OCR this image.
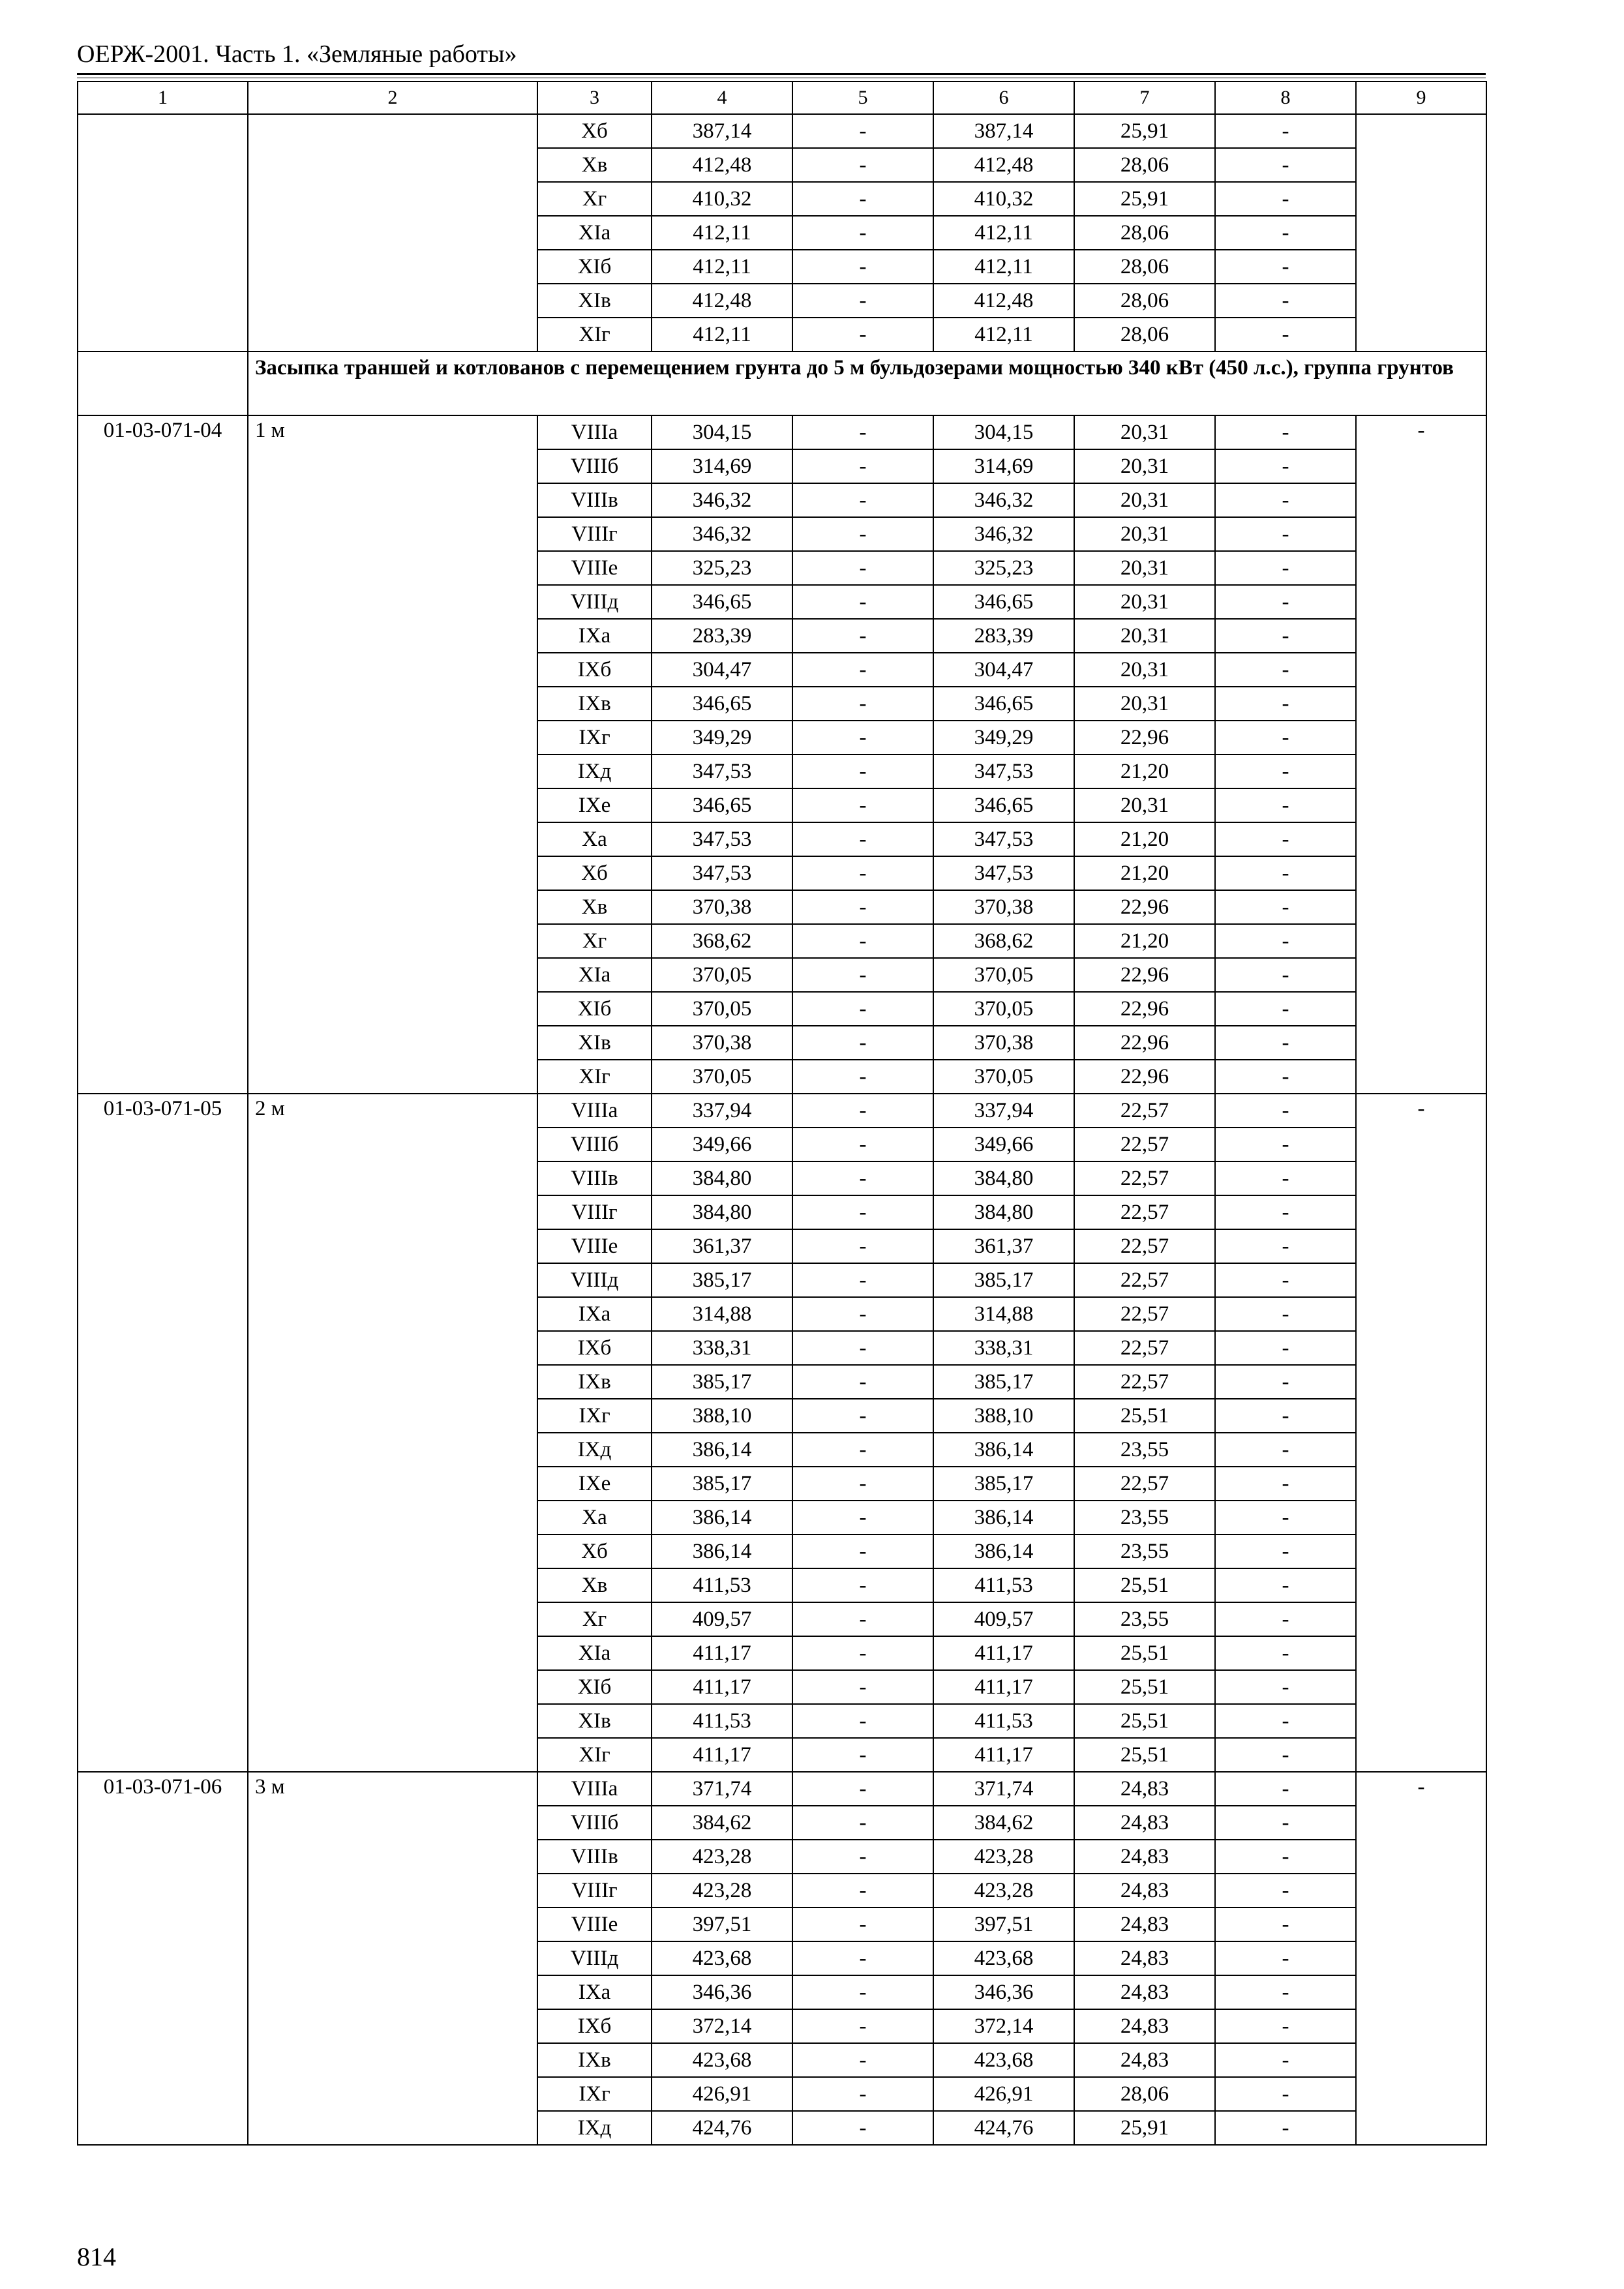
ОЕРЖ-2001. Часть 1. «Земляные работы»
1	2	3	4	5	6	7	8	9
		Xб	387,14	-	387,14	25,91	-	
		Xв	412,48	-	412,48	28,06	-	
		Xг	410,32	-	410,32	25,91	-	
		XIа	412,11	-	412,11	28,06	-	
		XIб	412,11	-	412,11	28,06	-	
		XIв	412,48	-	412,48	28,06	-	
		XIг	412,11	-	412,11	28,06	-	
	Засыпка траншей и котлованов с перемещением грунта до 5 м бульдозерами мощностью 340 кВт (450 л.с.), группа грунтов							
01-03-071-04	1 м	VIIIа	304,15	-	304,15	20,31	-	-
		VIIIб	314,69	-	314,69	20,31	-	
		VIIIв	346,32	-	346,32	20,31	-	
		VIIIг	346,32	-	346,32	20,31	-	
		VIIIе	325,23	-	325,23	20,31	-	
		VIIIд	346,65	-	346,65	20,31	-	
		IXа	283,39	-	283,39	20,31	-	
		IXб	304,47	-	304,47	20,31	-	
		IXв	346,65	-	346,65	20,31	-	
		IXг	349,29	-	349,29	22,96	-	
		IXд	347,53	-	347,53	21,20	-	
		IXе	346,65	-	346,65	20,31	-	
		Xа	347,53	-	347,53	21,20	-	
		Xб	347,53	-	347,53	21,20	-	
		Xв	370,38	-	370,38	22,96	-	
		Xг	368,62	-	368,62	21,20	-	
		XIа	370,05	-	370,05	22,96	-	
		XIб	370,05	-	370,05	22,96	-	
		XIв	370,38	-	370,38	22,96	-	
		XIг	370,05	-	370,05	22,96	-	
01-03-071-05	2 м	VIIIа	337,94	-	337,94	22,57	-	-
		VIIIб	349,66	-	349,66	22,57	-	
		VIIIв	384,80	-	384,80	22,57	-	
		VIIIг	384,80	-	384,80	22,57	-	
		VIIIе	361,37	-	361,37	22,57	-	
		VIIIд	385,17	-	385,17	22,57	-	
		IXа	314,88	-	314,88	22,57	-	
		IXб	338,31	-	338,31	22,57	-	
		IXв	385,17	-	385,17	22,57	-	
		IXг	388,10	-	388,10	25,51	-	
		IXд	386,14	-	386,14	23,55	-	
		IXе	385,17	-	385,17	22,57	-	
		Xа	386,14	-	386,14	23,55	-	
		Xб	386,14	-	386,14	23,55	-	
		Xв	411,53	-	411,53	25,51	-	
		Xг	409,57	-	409,57	23,55	-	
		XIа	411,17	-	411,17	25,51	-	
		XIб	411,17	-	411,17	25,51	-	
		XIв	411,53	-	411,53	25,51	-	
		XIг	411,17	-	411,17	25,51	-	
01-03-071-06	3 м	VIIIа	371,74	-	371,74	24,83	-	-
		VIIIб	384,62	-	384,62	24,83	-	
		VIIIв	423,28	-	423,28	24,83	-	
		VIIIг	423,28	-	423,28	24,83	-	
		VIIIе	397,51	-	397,51	24,83	-	
		VIIIд	423,68	-	423,68	24,83	-	
		IXа	346,36	-	346,36	24,83	-	
		IXб	372,14	-	372,14	24,83	-	
		IXв	423,68	-	423,68	24,83	-	
		IXг	426,91	-	426,91	28,06	-	
		IXд	424,76	-	424,76	25,91	-	
814
